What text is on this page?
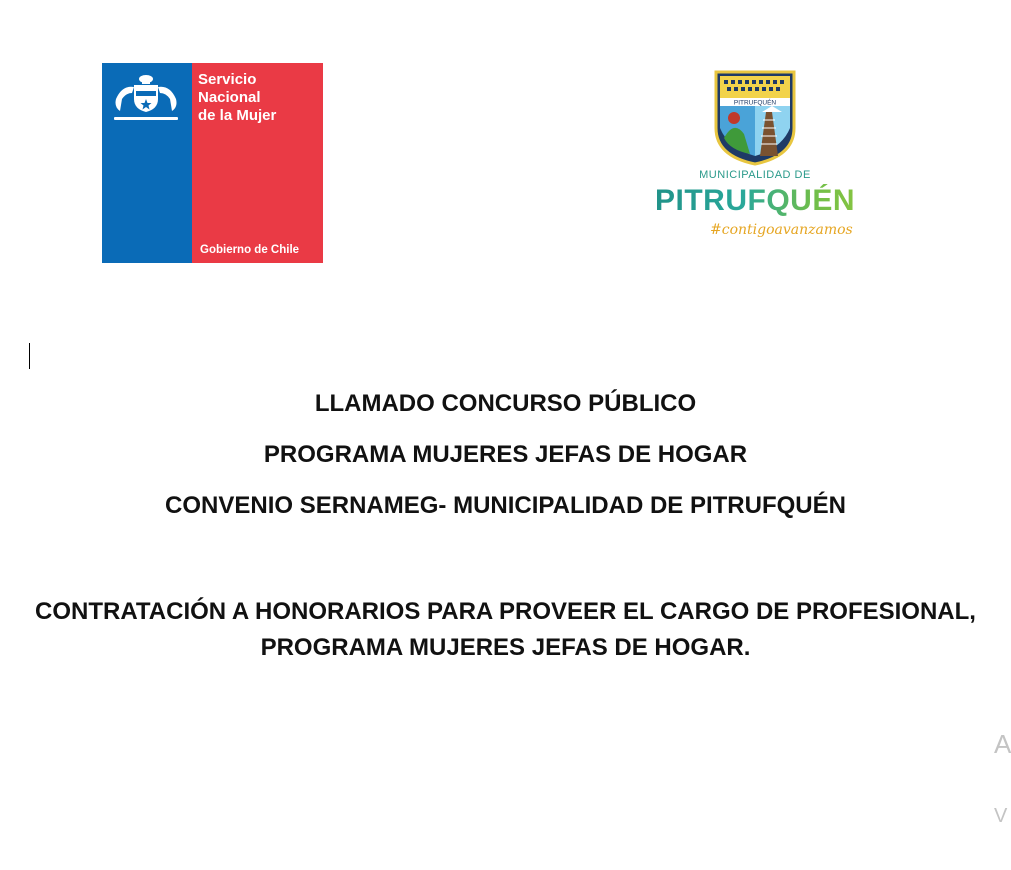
Servicio
Nacional
de la Mujer
Gobierno de Chile
PITRUFQUÉN
MUNICIPALIDAD DE
PITRUFQUÉN
#contigoavanzamos

LLAMADO CONCURSO PÚBLICO

PROGRAMA MUJERES JEFAS DE HOGAR

CONVENIO SERNAMEG- MUNICIPALIDAD DE PITRUFQUÉN

CONTRATACIÓN A HONORARIOS PARA PROVEER EL CARGO DE PROFESIONAL, PROGRAMA MUJERES JEFAS DE HOGAR.

A

V
